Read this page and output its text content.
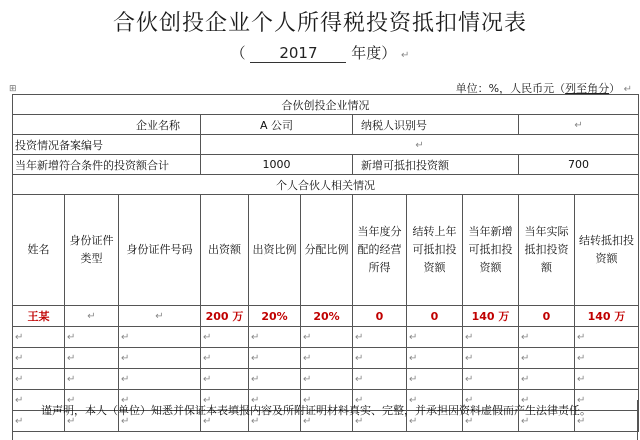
合伙创投企业个人所得税投资抵扣情况表
（ 2017 年度） ↵
⊞	单位：%，人民币元（列至角分） ↵
合伙创投企业情况										
企业名称			A 公司			纳税人识别号			↵	
投资情况备案编号			↵							
当年新增符合条件的投资额合计			1000			新增可抵扣投资额			700	
个人合伙人相关情况										
姓名	身份证件类型	身份证件号码	出资额	出资比例	分配比例	当年度分配的经营所得	结转上年可抵扣投资额	当年新增可抵扣投资额	当年实际抵扣投资额	结转抵扣投资额
王某	↵	↵	200 万	20%	20%	0	0	140 万	0	140 万
↵	↵	↵	↵	↵	↵	↵	↵	↵	↵	↵
↵	↵	↵	↵	↵	↵	↵	↵	↵	↵	↵
↵	↵	↵	↵	↵	↵	↵	↵	↵	↵	↵
↵	↵	↵	↵	↵	↵	↵	↵	↵	↵	↵
↵	↵	↵	↵	↵	↵	↵	↵	↵	↵	↵
谨声明，本人（单位）知悉并保证本表填报内容及所附证明材料真实、完整，并承担因资料虚假而产生法律责任。
